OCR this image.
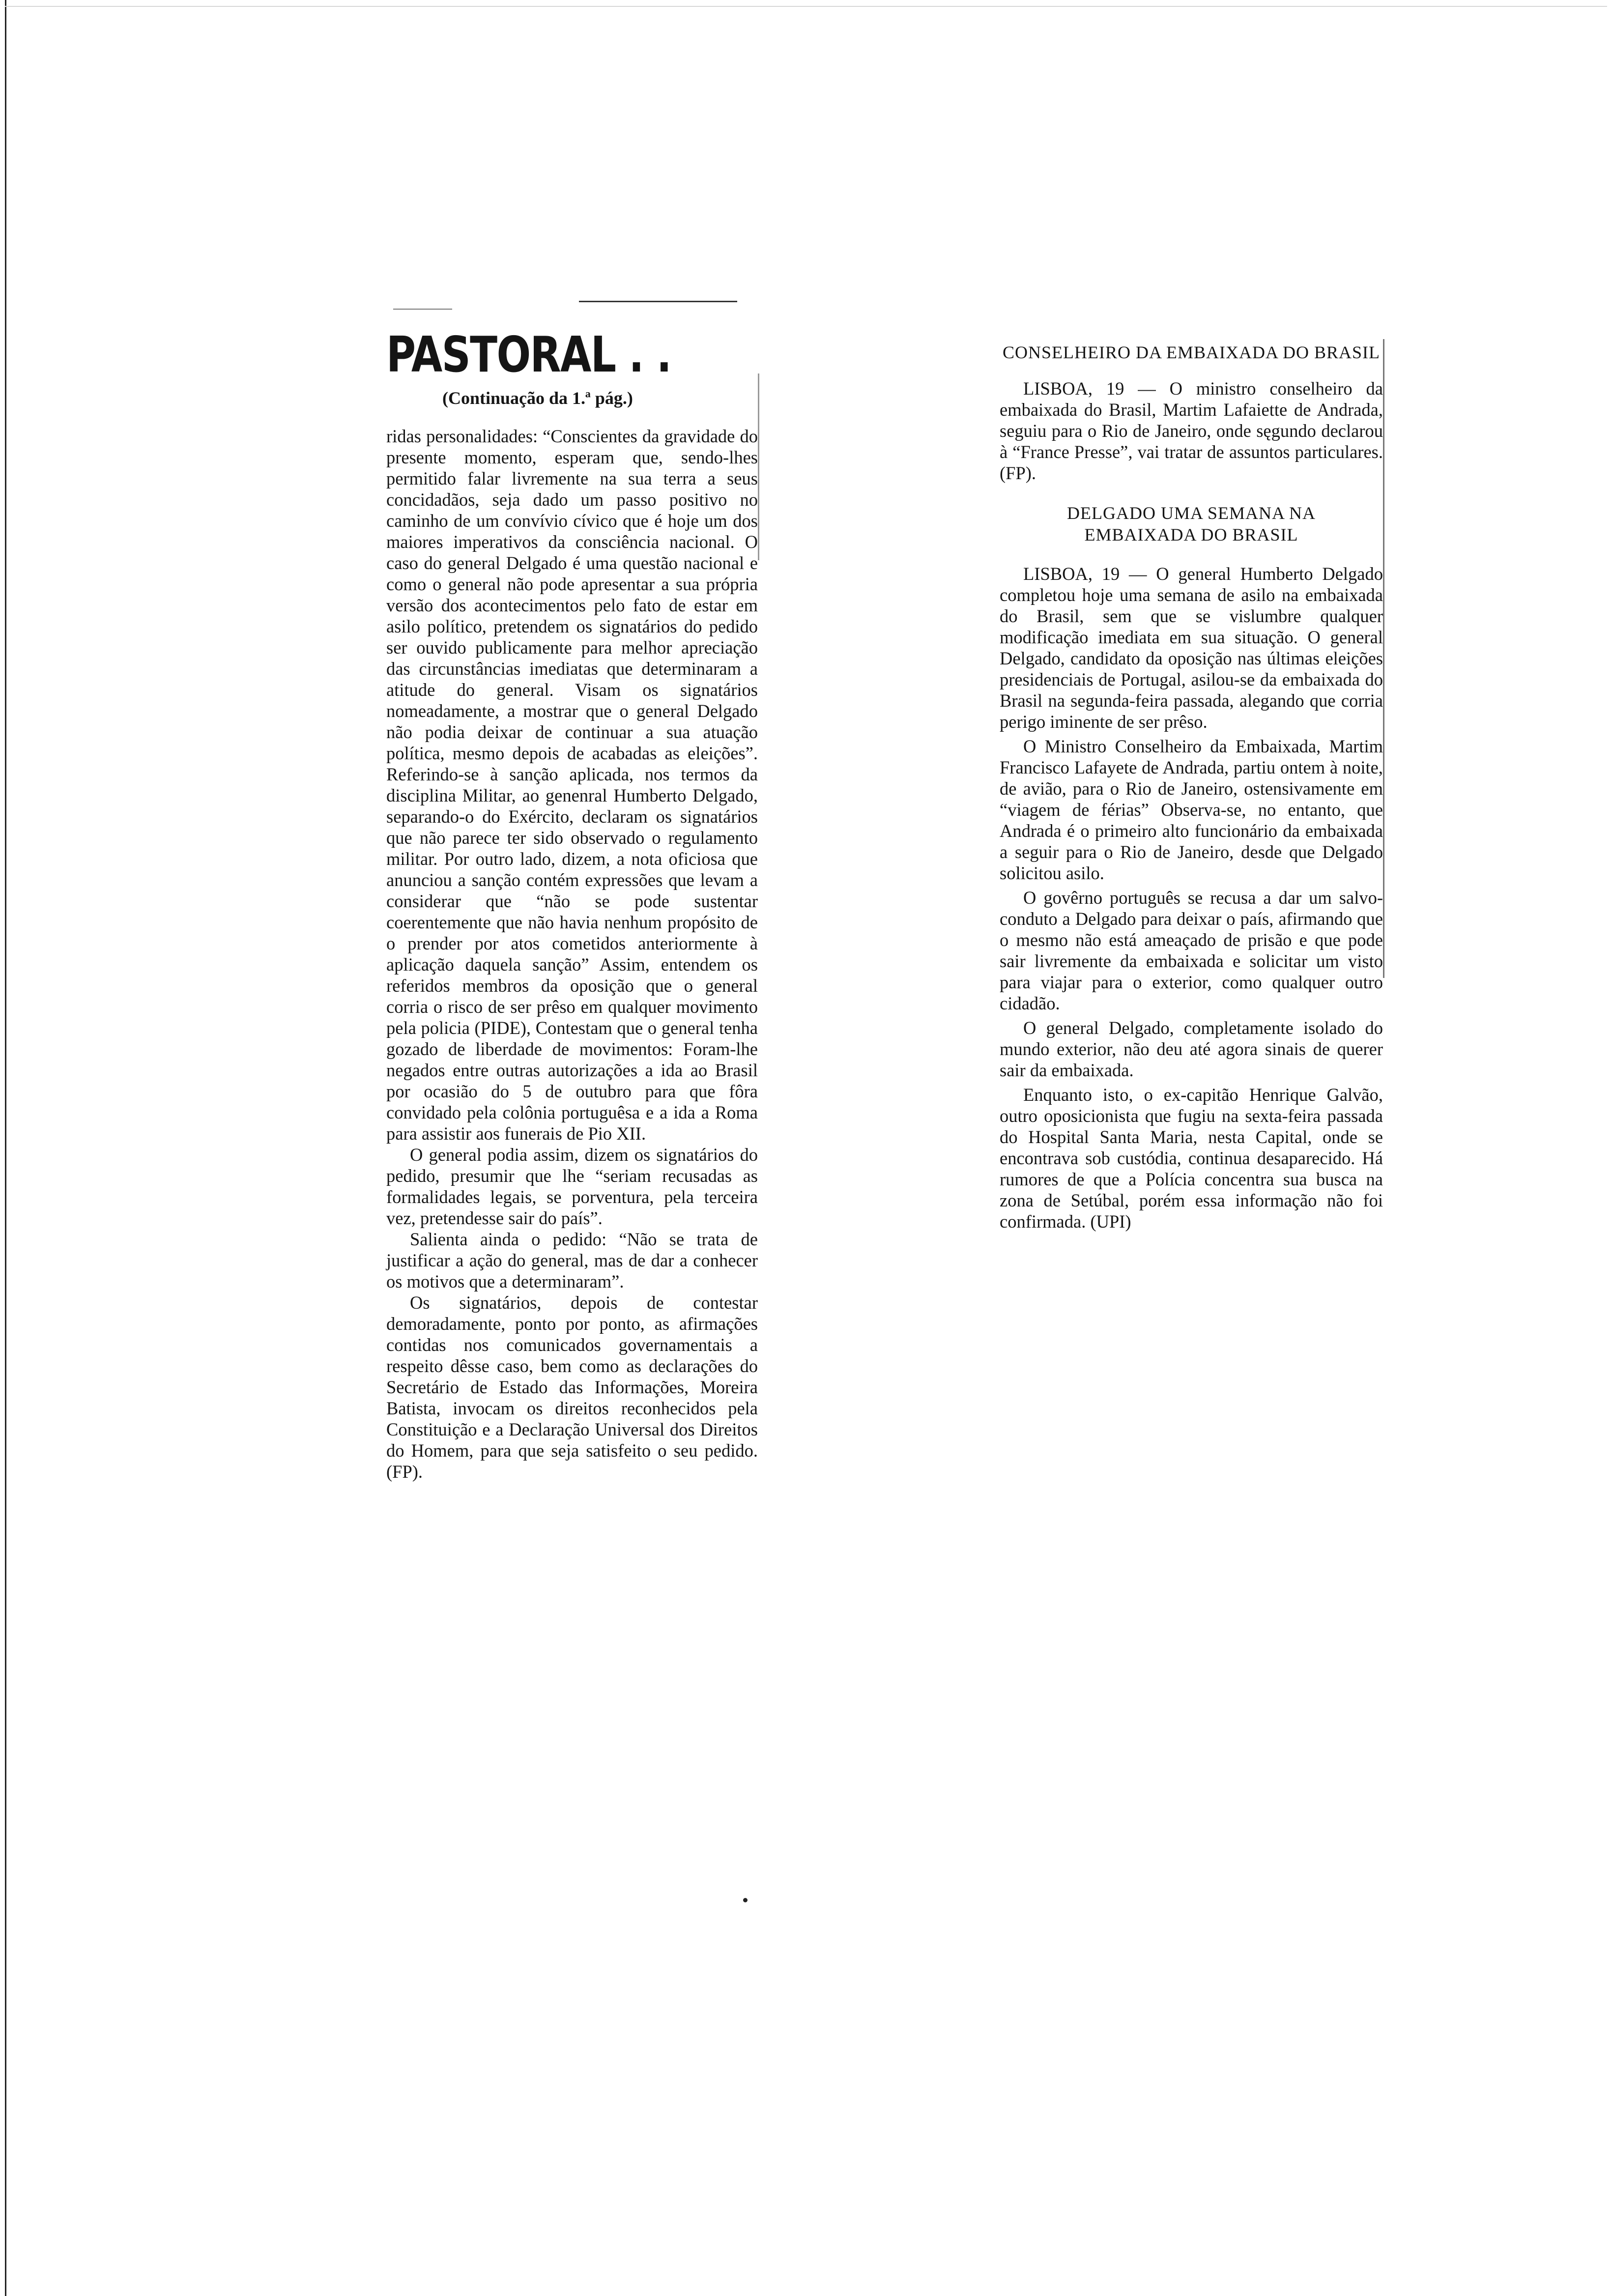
PASTORAL . .
(Continuação da 1.ª pág.)

ridas personalidades: “Conscientes da gravidade do presente momento, esperam que, sendo-lhes permitido falar livremente na sua terra a seus concidadãos, seja dado um passo positivo no caminho de um convívio cívico que é hoje um dos maiores imperativos da consciência nacional. O caso do general Delgado é uma questão nacional e como o general não pode apresentar a sua própria versão dos acontecimentos pelo fato de estar em asilo político, pretendem os signatários do pedido ser ouvido publicamente para melhor apreciação das circunstâncias imediatas que determinaram a atitude do general. Visam os signatários nomeadamente, a mostrar que o general Delgado não podia deixar de continuar a sua atuação política, mesmo depois de acabadas as eleições”. Referindo-se à sanção aplicada, nos termos da disciplina Militar, ao genenral Humberto Delgado, separando-o do Exército, declaram os signatários que não parece ter sido observado o regulamento militar. Por outro lado, dizem, a nota oficiosa que anunciou a sanção contém expressões que levam a considerar que “não se pode sustentar coerentemente que não havia nenhum propósito de o prender por atos cometidos anteriormente à aplicação daquela sanção” Assim, entendem os referidos membros da oposição que o general corria o risco de ser prêso em qualquer movimento pela policia (PIDE), Contestam que o general tenha gozado de liberdade de movimentos: Foram-lhe negados entre outras autorizações a ida ao Brasil por ocasião do 5 de outubro para que fôra convidado pela colônia portuguêsa e a ida a Roma para assistir aos funerais de Pio XII.

O general podia assim, dizem os signatários do pedido, presumir que lhe “seriam recusadas as formalidades legais, se porventura, pela terceira vez, pretendesse sair do país”.

Salienta ainda o pedido: “Não se trata de justificar a ação do general, mas de dar a conhecer os motivos que a determinaram”.

Os signatários, depois de contestar demoradamente, ponto por ponto, as afirmações contidas nos comunicados governamentais a respeito dêsse caso, bem como as declarações do Secretário de Estado das Informações, Moreira Batista, invocam os direitos reconhecidos pela Constituição e a Declaração Universal dos Direitos do Homem, para que seja satisfeito o seu pedido. (FP).

CONSELHEIRO DA EMBAIXADA DO BRASIL

LISBOA, 19 — O ministro conselheiro da embaixada do Brasil, Martim Lafaiette de Andrada, seguiu para o Rio de Janeiro, onde sęgundo declarou à “France Presse”, vai tratar de assuntos particulares. (FP).

DELGADO UMA SEMANA NA EMBAIXADA DO BRASIL

LISBOA, 19 — O general Humberto Delgado completou hoje uma semana de asilo na embaixada do Brasil, sem que se vislumbre qualquer modificação imediata em sua situação. O general Delgado, candidato da oposição nas últimas eleições presidenciais de Portugal, asilou-se da embaixada do Brasil na segunda-feira passada, alegando que corria perigo iminente de ser prêso.

O Ministro Conselheiro da Embaixada, Martim Francisco Lafayete de Andrada, partiu ontem à noite, de avião, para o Rio de Janeiro, ostensivamente em “viagem de férias” Observa-se, no entanto, que Andrada é o primeiro alto funcionário da embaixada a seguir para o Rio de Janeiro, desde que Delgado solicitou asilo.

O govêrno português se recusa a dar um salvo-conduto a Delgado para deixar o país, afirmando que o mesmo não está ameaçado de prisão e que pode sair livremente da embaixada e solicitar um visto para viajar para o exterior, como qualquer outro cidadão.

O general Delgado, completamente isolado do mundo exterior, não deu até agora sinais de querer sair da embaixada.

Enquanto isto, o ex-capitão Henrique Galvão, outro oposicionista que fugiu na sexta-feira passada do Hospital Santa Maria, nesta Capital, onde se encontrava sob custódia, continua desaparecido. Há rumores de que a Polícia concentra sua busca na zona de Setúbal, porém essa informação não foi confirmada. (UPI)
